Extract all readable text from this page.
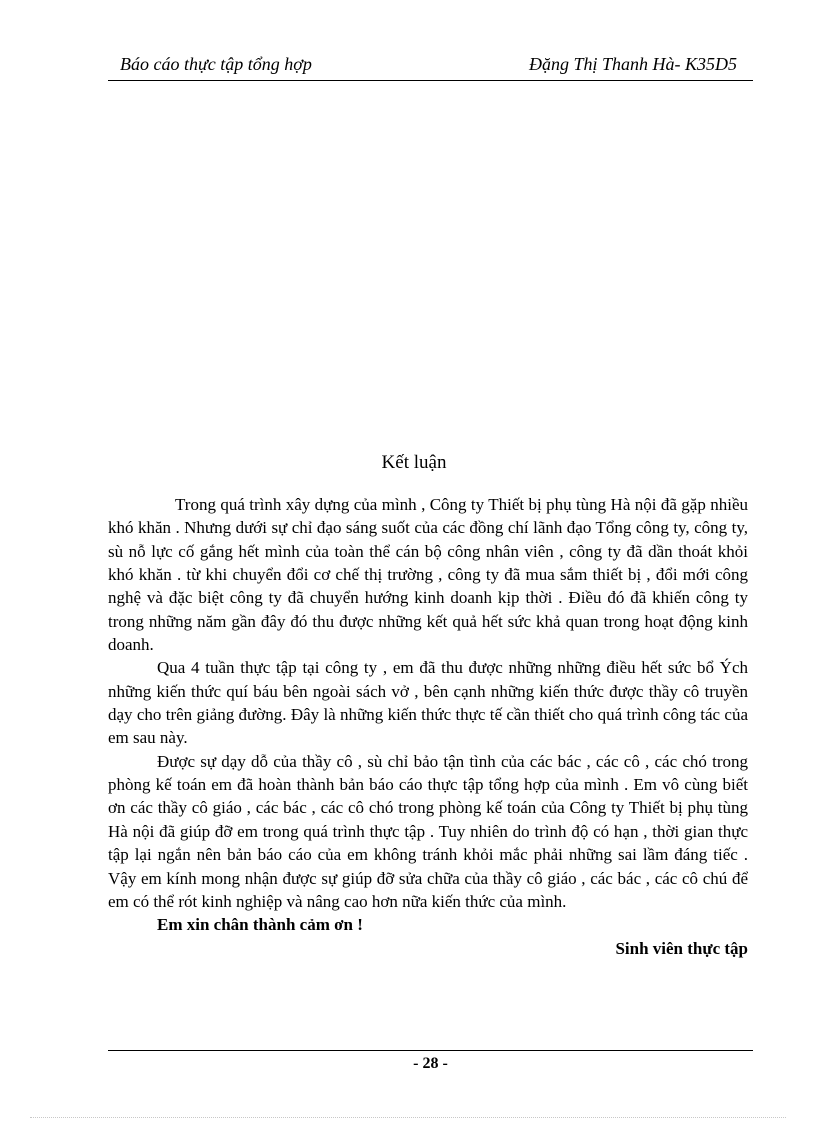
Báo cáo thực tập tổng hợp	Đặng Thị Thanh Hà- K35D5
Kết luận

Trong quá trình xây dựng của mình , Công ty Thiết bị phụ tùng Hà nội đã gặp nhiều khó khăn . Nhưng dưới sự chỉ đạo sáng suốt của các đồng chí lãnh đạo Tổng công ty, công ty, sù nỗ lực cố gắng hết mình của toàn thể cán bộ công nhân viên , công ty đã dần thoát khỏi khó khăn . từ khi chuyển đổi cơ chế thị trường , công ty đã mua sắm thiết bị , đổi mới công nghệ và đặc biệt công ty đã chuyển hướng kinh doanh kịp thời . Điều đó đã khiến công ty trong những năm gần đây đó thu được những kết quả hết sức khả quan trong hoạt động kinh doanh.

Qua 4 tuần thực tập tại công ty , em đã thu được những những điều hết sức bổ Ých những kiến thức quí báu bên ngoài sách vở , bên cạnh những kiến thức được thầy cô truyền dạy cho trên giảng đường. Đây là những kiến thức thực tế cần thiết cho quá trình công tác của em sau này.

Được sự dạy dỗ của thầy cô , sù chỉ bảo tận tình của các bác , các cô , các chó trong phòng kế toán em đã hoàn thành bản báo cáo thực tập tổng hợp của mình . Em vô cùng biết ơn các thầy cô giáo , các bác , các cô chó trong phòng kế toán của Công ty Thiết bị phụ tùng Hà nội đã giúp đỡ em trong quá trình thực tập . Tuy nhiên do trình độ có hạn , thời gian thực tập lại ngắn nên bản báo cáo của em không tránh khỏi mắc phải những sai lầm đáng tiếc . Vậy em kính mong nhận được sự giúp đỡ sửa chữa của thầy cô giáo , các bác , các cô chú để em có thể rót kinh nghiệp và nâng cao hơn nữa kiến thức của mình.

Em xin chân thành cảm ơn !

Sinh viên thực tập

- 28 -
